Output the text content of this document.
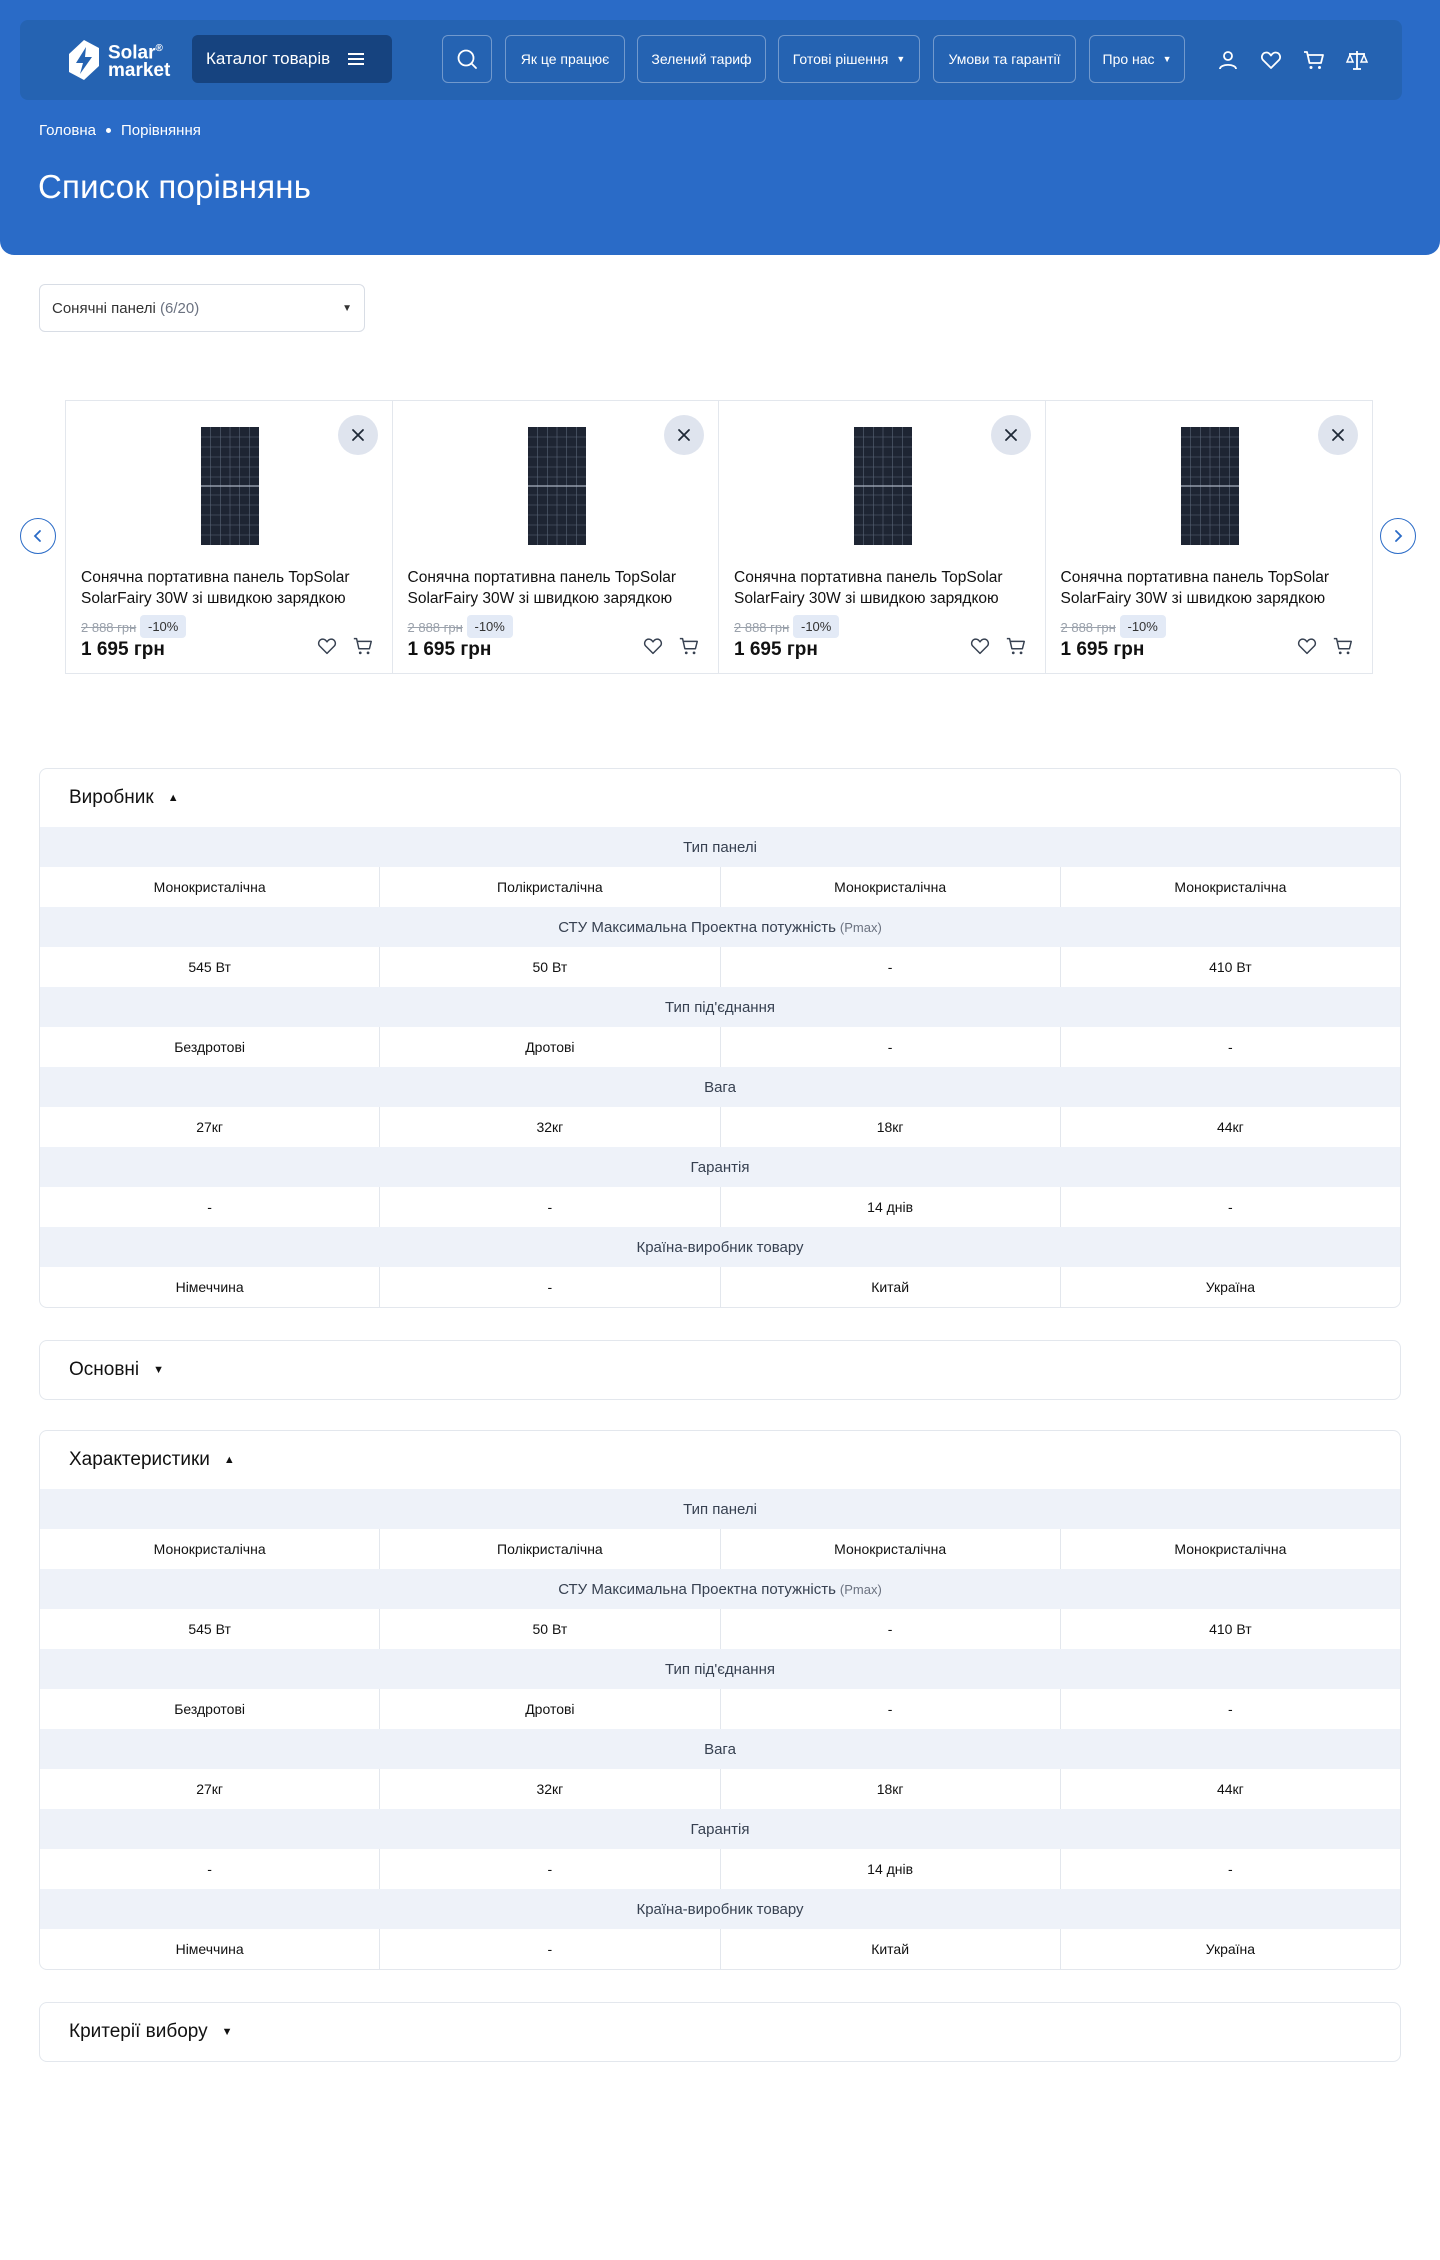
Solar®
market
Каталог товарів	Як це працює	Зелений тариф	Готові рішення ▼	Умови та гарантії	Про нас ▼
Головна Порівняння
Список порівнянь
Сонячні панелі (6/20)	▼
Сонячна портативна панель TopSolar SolarFairy 30W зі швидкою зарядкою
2 888 грн -10%
1 695 грн
Сонячна портативна панель TopSolar SolarFairy 30W зі швидкою зарядкою
2 888 грн -10%
1 695 грн
Сонячна портативна панель TopSolar SolarFairy 30W зі швидкою зарядкою
2 888 грн -10%
1 695 грн
Сонячна портативна панель TopSolar SolarFairy 30W зі швидкою зарядкою
2 888 грн -10%
1 695 грн
Виробник ▲
Тип панелі
Монокристалічна	Полікристалічна	Монокристалічна	Монокристалічна
СТУ Максимальна Проектна потужність (Pmax)
545 Вт	50 Вт	-	410 Вт
Тип під'єднання
Бездротові	Дротові	-	-
Вага
27кг	32кг	18кг	44кг
Гарантія
-	-	14 днів	-
Країна-виробник товару
Німеччина	-	Китай	Україна
Основні ▼
Характеристики ▲
Тип панелі
Монокристалічна	Полікристалічна	Монокристалічна	Монокристалічна
СТУ Максимальна Проектна потужність (Pmax)
545 Вт	50 Вт	-	410 Вт
Тип під'єднання
Бездротові	Дротові	-	-
Вага
27кг	32кг	18кг	44кг
Гарантія
-	-	14 днів	-
Країна-виробник товару
Німеччина	-	Китай	Україна
Критерії вибору ▼
